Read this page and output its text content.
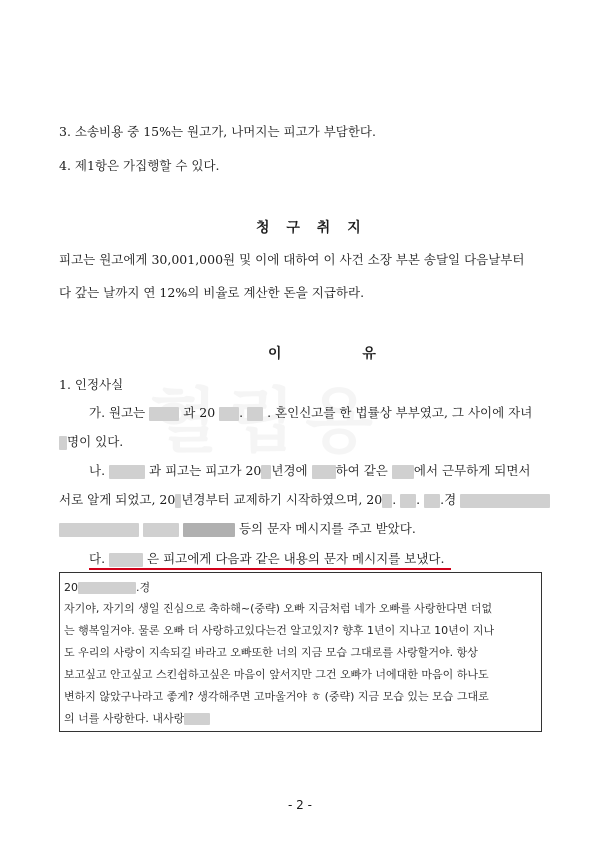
3. 소송비용 중 15%는 원고가, 나머지는 피고가 부담한다.
4. 제1항은 가집행할 수 있다.
청 구 취 지
피고는 원고에게 30,001,000원 및 이에 대하여 이 사건 소장 부본 송달일 다음날부터
다 갚는 날까지 연 12%의 비율로 계산한 돈을 지급하라.
이 유
1. 인정사실
가. 원고는	과 20 .  . 혼인신고를 한 법률상 부부였고, 그 사이에 자녀
명이 있다.
나.	과 피고는 피고가 20 년경에 하여 같은 에서 근무하게 되면서
서로 알게 되었고, 20 년경부터 교제하기 시작하였으며, 20 . . .경
등의 문자 메시지를 주고 받았다.
다.	은 피고에게 다음과 같은 내용의 문자 메시지를 보냈다.
20	.경
자기야, 자기의 생일 진심으로 축하해~(중략) 오빠 지금처럼 네가 오빠를 사랑한다면 더없
는 행복일거야. 물론 오빠 더 사랑하고있다는건 알고있지? 향후 1년이 지나고 10년이 지나
도 우리의 사랑이 지속되길 바라고 오빠또한 너의 지금 모습 그대로를 사랑할거야. 항상
보고싶고 안고싶고 스킨쉽하고싶은 마음이 앞서지만 그건 오빠가 너에대한 마음이 하나도
변하지 않았구나라고 좋게? 생각해주면 고마울거야 ㅎ (중략) 지금 모습 있는 모습 그대로
의 너를 사랑한다. 내사랑
- 2 -
